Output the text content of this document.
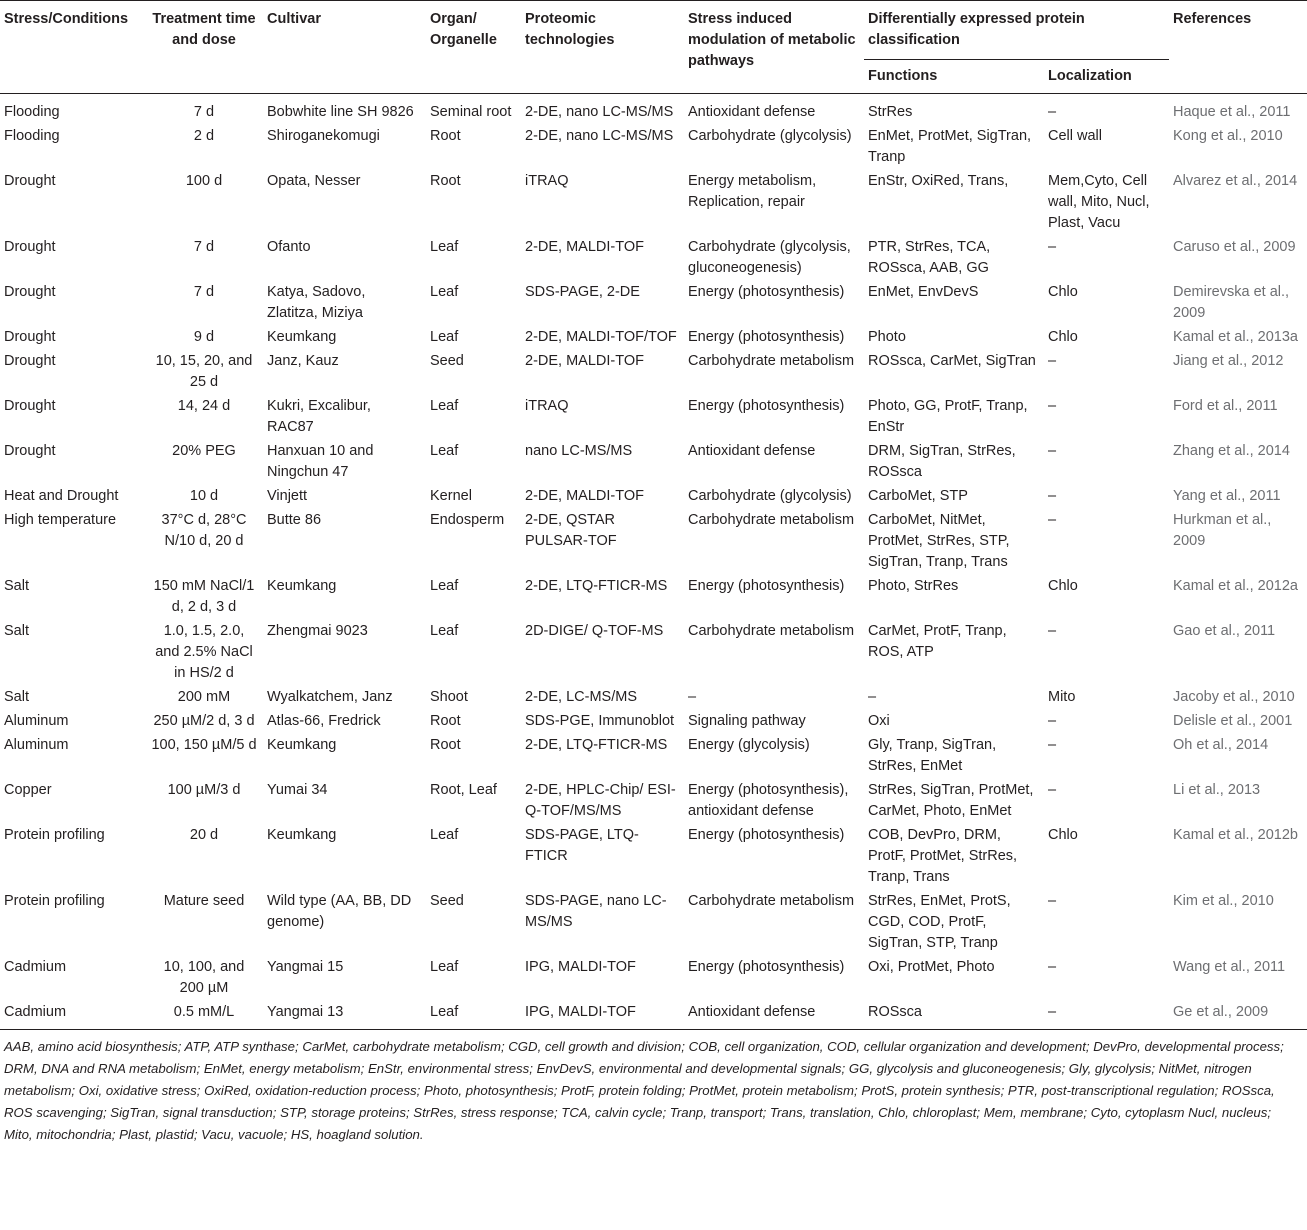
Stress/Conditions	Treatment time and dose	Cultivar	Organ/ Organelle	Proteomic technologies	Stress induced modulation of metabolic pathways	Differentially expressed protein classification		References
						Functions	Localization	
Flooding	7 d	Bobwhite line SH 9826	Seminal root	2-DE, nano LC-MS/MS	Antioxidant defense	StrRes	–	Haque et al., 2011
Flooding	2 d	Shiroganekomugi	Root	2-DE, nano LC-MS/MS	Carbohydrate (glycolysis)	EnMet, ProtMet, SigTran, Tranp	Cell wall	Kong et al., 2010
Drought	100 d	Opata, Nesser	Root	iTRAQ	Energy metabolism, Replication, repair	EnStr, OxiRed, Trans,	Mem,Cyto, Cell wall, Mito, Nucl, Plast, Vacu	Alvarez et al., 2014
Drought	7 d	Ofanto	Leaf	2-DE, MALDI-TOF	Carbohydrate (glycolysis, gluconeogenesis)	PTR, StrRes, TCA, ROSsca, AAB, GG	–	Caruso et al., 2009
Drought	7 d	Katya, Sadovo, Zlatitza, Miziya	Leaf	SDS-PAGE, 2-DE	Energy (photosynthesis)	EnMet, EnvDevS	Chlo	Demirevska et al., 2009
Drought	9 d	Keumkang	Leaf	2-DE, MALDI-TOF/TOF	Energy (photosynthesis)	Photo	Chlo	Kamal et al., 2013a
Drought	10, 15, 20, and 25 d	Janz, Kauz	Seed	2-DE, MALDI-TOF	Carbohydrate metabolism	ROSsca, CarMet, SigTran	–	Jiang et al., 2012
Drought	14, 24 d	Kukri, Excalibur, RAC87	Leaf	iTRAQ	Energy (photosynthesis)	Photo, GG, ProtF, Tranp, EnStr	–	Ford et al., 2011
Drought	20% PEG	Hanxuan 10 and Ningchun 47	Leaf	nano LC-MS/MS	Antioxidant defense	DRM, SigTran, StrRes, ROSsca	–	Zhang et al., 2014
Heat and Drought	10 d	Vinjett	Kernel	2-DE, MALDI-TOF	Carbohydrate (glycolysis)	CarboMet, STP	–	Yang et al., 2011
High temperature	37°C d, 28°C N/10 d, 20 d	Butte 86	Endosperm	2-DE, QSTAR PULSAR-TOF	Carbohydrate metabolism	CarboMet, NitMet, ProtMet, StrRes, STP, SigTran, Tranp, Trans	–	Hurkman et al., 2009
Salt	150 mM NaCl/1 d, 2 d, 3 d	Keumkang	Leaf	2-DE, LTQ-FTICR-MS	Energy (photosynthesis)	Photo, StrRes	Chlo	Kamal et al., 2012a
Salt	1.0, 1.5, 2.0, and 2.5% NaCl in HS/2 d	Zhengmai 9023	Leaf	2D-DIGE/ Q-TOF-MS	Carbohydrate metabolism	CarMet, ProtF, Tranp, ROS, ATP	–	Gao et al., 2011
Salt	200 mM	Wyalkatchem, Janz	Shoot	2-DE, LC-MS/MS	–	–	Mito	Jacoby et al., 2010
Aluminum	250 µM/2 d, 3 d	Atlas-66, Fredrick	Root	SDS-PGE, Immunoblot	Signaling pathway	Oxi	–	Delisle et al., 2001
Aluminum	100, 150 µM/5 d	Keumkang	Root	2-DE, LTQ-FTICR-MS	Energy (glycolysis)	Gly, Tranp, SigTran, StrRes, EnMet	–	Oh et al., 2014
Copper	100 µM/3 d	Yumai 34	Root, Leaf	2-DE, HPLC-Chip/ ESI-Q-TOF/MS/MS	Energy (photosynthesis), antioxidant defense	StrRes, SigTran, ProtMet, CarMet, Photo, EnMet	–	Li et al., 2013
Protein profiling	20 d	Keumkang	Leaf	SDS-PAGE, LTQ-FTICR	Energy (photosynthesis)	COB, DevPro, DRM, ProtF, ProtMet, StrRes, Tranp, Trans	Chlo	Kamal et al., 2012b
Protein profiling	Mature seed	Wild type (AA, BB, DD genome)	Seed	SDS-PAGE, nano LC-MS/MS	Carbohydrate metabolism	StrRes, EnMet, ProtS, CGD, COD, ProtF, SigTran, STP, Tranp	–	Kim et al., 2010
Cadmium	10, 100, and 200 µM	Yangmai 15	Leaf	IPG, MALDI-TOF	Energy (photosynthesis)	Oxi, ProtMet, Photo	–	Wang et al., 2011
Cadmium	0.5 mM/L	Yangmai 13	Leaf	IPG, MALDI-TOF	Antioxidant defense	ROSsca	–	Ge et al., 2009

AAB, amino acid biosynthesis; ATP, ATP synthase; CarMet, carbohydrate metabolism; CGD, cell growth and division; COB, cell organization, COD, cellular organization and development; DevPro, developmental process; DRM, DNA and RNA metabolism; EnMet, energy metabolism; EnStr, environmental stress; EnvDevS, environmental and developmental signals; GG, glycolysis and gluconeogenesis; Gly, glycolysis; NitMet, nitrogen metabolism; Oxi, oxidative stress; OxiRed, oxidation-reduction process; Photo, photosynthesis; ProtF, protein folding; ProtMet, protein metabolism; ProtS, protein synthesis; PTR, post-transcriptional regulation; ROSsca, ROS scavenging; SigTran, signal transduction; STP, storage proteins; StrRes, stress response; TCA, calvin cycle; Tranp, transport; Trans, translation, Chlo, chloroplast; Mem, membrane; Cyto, cytoplasm Nucl, nucleus; Mito, mitochondria; Plast, plastid; Vacu, vacuole; HS, hoagland solution.
